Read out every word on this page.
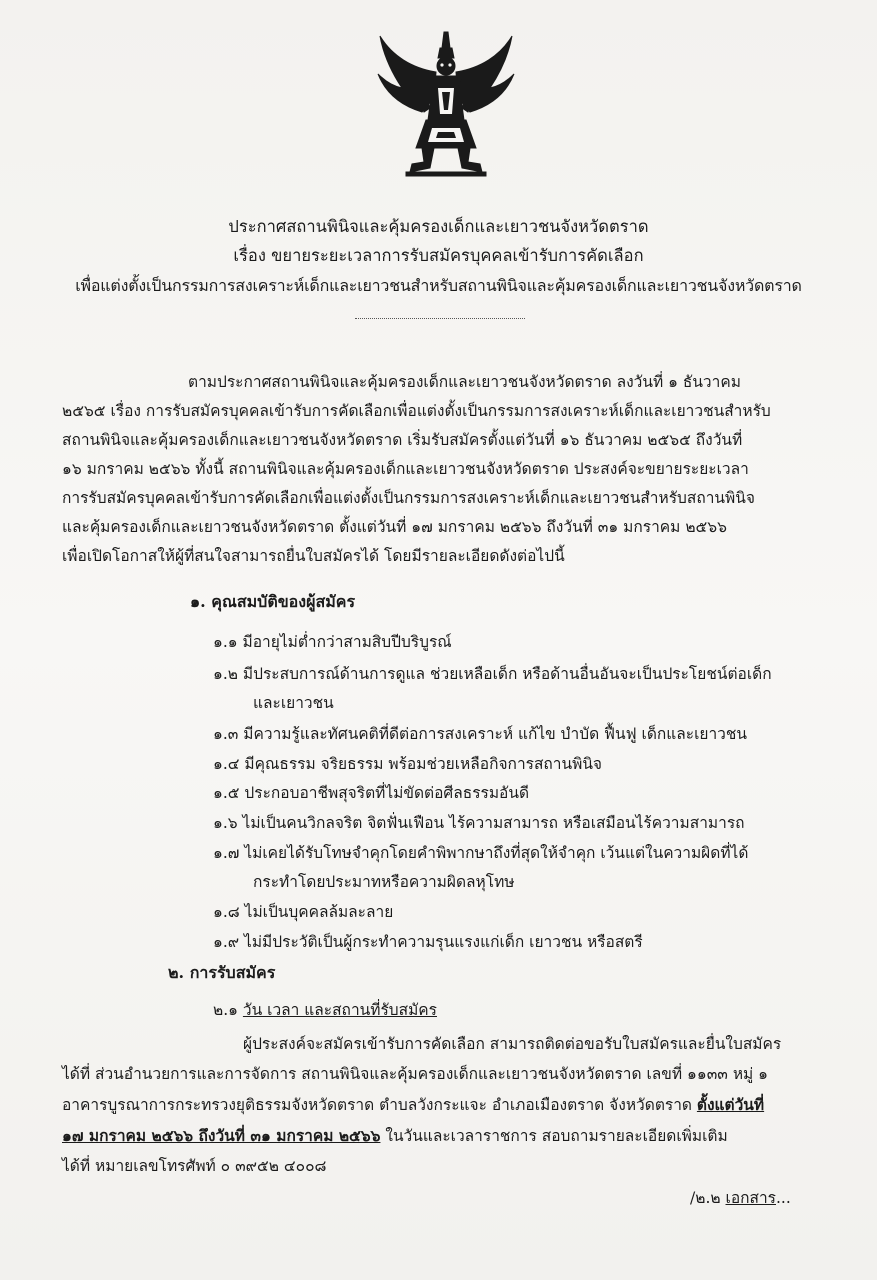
ประกาศสถานพินิจและคุ้มครองเด็กและเยาวชนจังหวัดตราด
เรื่อง ขยายระยะเวลาการรับสมัครบุคคลเข้ารับการคัดเลือก
เพื่อแต่งตั้งเป็นกรรมการสงเคราะห์เด็กและเยาวชนสำหรับสถานพินิจและคุ้มครองเด็กและเยาวชนจังหวัดตราด
ตามประกาศสถานพินิจและคุ้มครองเด็กและเยาวชนจังหวัดตราด ลงวันที่ ๑ ธันวาคม
๒๕๖๕ เรื่อง การรับสมัครบุคคลเข้ารับการคัดเลือกเพื่อแต่งตั้งเป็นกรรมการสงเคราะห์เด็กและเยาวชนสำหรับ
สถานพินิจและคุ้มครองเด็กและเยาวชนจังหวัดตราด เริ่มรับสมัครตั้งแต่วันที่ ๑๖ ธันวาคม ๒๕๖๕ ถึงวันที่
๑๖ มกราคม ๒๕๖๖ ทั้งนี้ สถานพินิจและคุ้มครองเด็กและเยาวชนจังหวัดตราด ประสงค์จะขยายระยะเวลา
การรับสมัครบุคคลเข้ารับการคัดเลือกเพื่อแต่งตั้งเป็นกรรมการสงเคราะห์เด็กและเยาวชนสำหรับสถานพินิจ
และคุ้มครองเด็กและเยาวชนจังหวัดตราด ตั้งแต่วันที่ ๑๗ มกราคม ๒๕๖๖ ถึงวันที่ ๓๑ มกราคม ๒๕๖๖
เพื่อเปิดโอกาสให้ผู้ที่สนใจสามารถยื่นใบสมัครได้ โดยมีรายละเอียดดังต่อไปนี้
๑. คุณสมบัติของผู้สมัคร
๑.๑ มีอายุไม่ต่ำกว่าสามสิบปีบริบูรณ์
๑.๒ มีประสบการณ์ด้านการดูแล ช่วยเหลือเด็ก หรือด้านอื่นอันจะเป็นประโยชน์ต่อเด็ก
และเยาวชน
๑.๓ มีความรู้และทัศนคติที่ดีต่อการสงเคราะห์ แก้ไข บำบัด ฟื้นฟู เด็กและเยาวชน
๑.๔ มีคุณธรรม จริยธรรม พร้อมช่วยเหลือกิจการสถานพินิจ
๑.๕ ประกอบอาชีพสุจริตที่ไม่ขัดต่อศีลธรรมอันดี
๑.๖ ไม่เป็นคนวิกลจริต จิตฟั่นเฟือน ไร้ความสามารถ หรือเสมือนไร้ความสามารถ
๑.๗ ไม่เคยได้รับโทษจำคุกโดยคำพิพากษาถึงที่สุดให้จำคุก เว้นแต่ในความผิดที่ได้
กระทำโดยประมาทหรือความผิดลหุโทษ
๑.๘ ไม่เป็นบุคคลล้มละลาย
๑.๙ ไม่มีประวัติเป็นผู้กระทำความรุนแรงแก่เด็ก เยาวชน หรือสตรี
๒. การรับสมัคร
๒.๑ วัน เวลา และสถานที่รับสมัคร
ผู้ประสงค์จะสมัครเข้ารับการคัดเลือก สามารถติดต่อขอรับใบสมัครและยื่นใบสมัคร
ได้ที่ ส่วนอำนวยการและการจัดการ สถานพินิจและคุ้มครองเด็กและเยาวชนจังหวัดตราด เลขที่ ๑๑๓๓ หมู่ ๑
อาคารบูรณาการกระทรวงยุติธรรมจังหวัดตราด ตำบลวังกระแจะ อำเภอเมืองตราด จังหวัดตราด ตั้งแต่วันที่
๑๗ มกราคม ๒๕๖๖ ถึงวันที่ ๓๑ มกราคม ๒๕๖๖ ในวันและเวลาราชการ สอบถามรายละเอียดเพิ่มเติม
ได้ที่ หมายเลขโทรศัพท์ ๐ ๓๙๕๒ ๔๐๐๘
/๒.๒ เอกสาร...
